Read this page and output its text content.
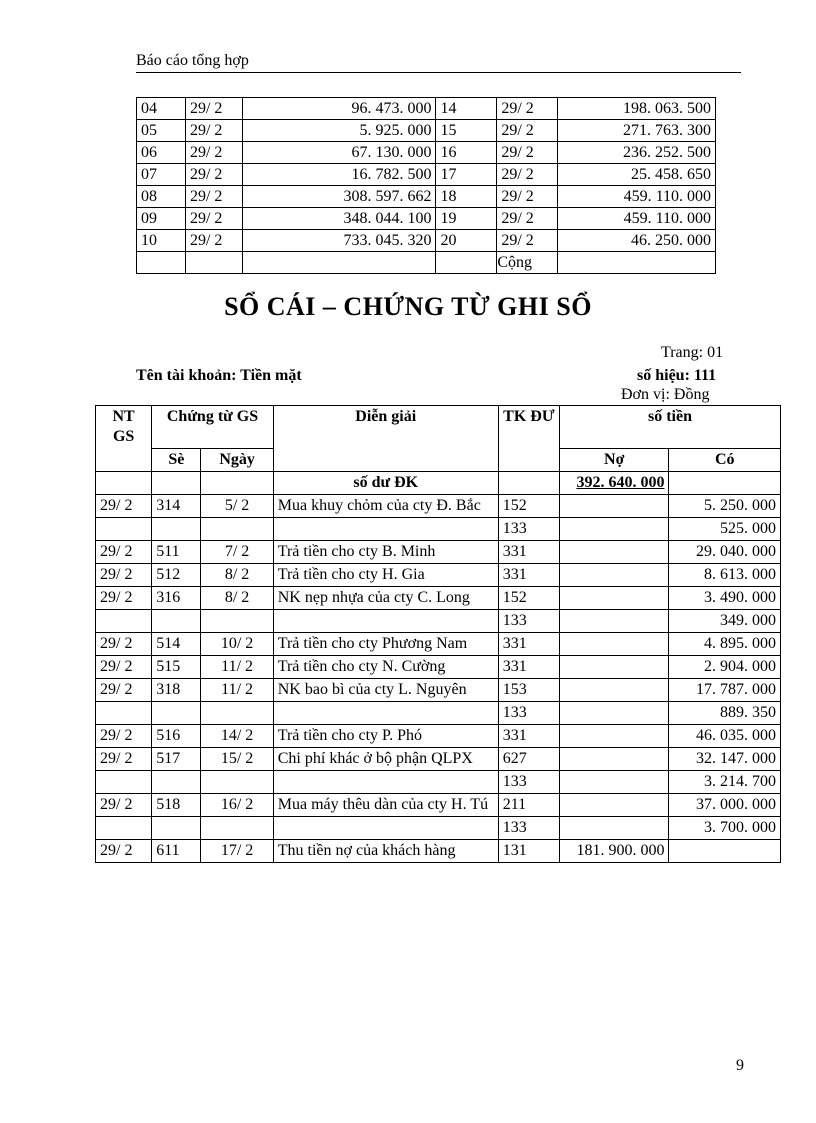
Báo cáo tổng hợp
04	29/ 2	96. 473. 000	14	29/ 2	198. 063. 500
05	29/ 2	5. 925. 000	15	29/ 2	271. 763. 300
06	29/ 2	67. 130. 000	16	29/ 2	236. 252. 500
07	29/ 2	16. 782. 500	17	29/ 2	25. 458. 650
08	29/ 2	308. 597. 662	18	29/ 2	459. 110. 000
09	29/ 2	348. 044. 100	19	29/ 2	459. 110. 000
10	29/ 2	733. 045. 320	20	29/ 2	46. 250. 000
				Cộng	
SỔ CÁI – CHỨNG TỪ GHI SỔ
Trang: 01
Tên tài khoản: Tiền mặt	số hiệu: 111
Đơn vị: Đồng
NT GS	Chứng từ GS		Diễn giải	TK ĐƯ	số tiền	
	Sè	Ngày			Nợ	Có
			số dư ĐK		392. 640. 000	
29/ 2	314	5/ 2	Mua khuy chỏm của cty Đ. Bắc	152		5. 250. 000
				133		525. 000
29/ 2	511	7/ 2	Trả tiền cho cty B. Minh	331		29. 040. 000
29/ 2	512	8/ 2	Trả tiền cho cty H. Gia	331		8. 613. 000
29/ 2	316	8/ 2	NK nẹp nhựa của cty C. Long	152		3. 490. 000
				133		349. 000
29/ 2	514	10/ 2	Trả tiền cho cty Phương Nam	331		4. 895. 000
29/ 2	515	11/ 2	Trả tiền cho cty N. Cường	331		2. 904. 000
29/ 2	318	11/ 2	NK bao bì của cty L. Nguyên	153		17. 787. 000
				133		889. 350
29/ 2	516	14/ 2	Trả tiền cho cty P. Phó	331		46. 035. 000
29/ 2	517	15/ 2	Chi phí khác ở bộ phận QLPX	627		32. 147. 000
				133		3. 214. 700
29/ 2	518	16/ 2	Mua máy thêu dàn của cty H. Tú	211		37. 000. 000
				133		3. 700. 000
29/ 2	611	17/ 2	Thu tiền nợ của khách hàng	131	181. 900. 000	
9
